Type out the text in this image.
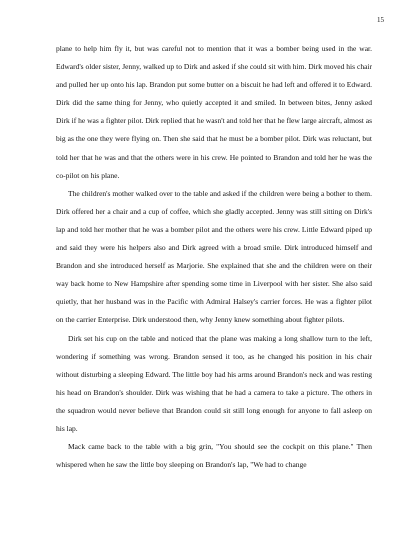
15

plane to help him fly it, but was careful not to mention that it was a bomber being used in the war. Edward's older sister, Jenny, walked up to Dirk and asked if she could sit with him. Dirk moved his chair and pulled her up onto his lap. Brandon put some butter on a biscuit he had left and offered it to Edward. Dirk did the same thing for Jenny, who quietly accepted it and smiled. In between bites, Jenny asked Dirk if he was a fighter pilot. Dirk replied that he wasn't and told her that he flew large aircraft, almost as big as the one they were flying on. Then she said that he must be a bomber pilot. Dirk was reluctant, but told her that he was and that the others were in his crew. He pointed to Brandon and told her he was the co-pilot on his plane.

The children's mother walked over to the table and asked if the children were being a bother to them. Dirk offered her a chair and a cup of coffee, which she gladly accepted. Jenny was still sitting on Dirk's lap and told her mother that he was a bomber pilot and the others were his crew. Little Edward piped up and said they were his helpers also and Dirk agreed with a broad smile. Dirk introduced himself and Brandon and she introduced herself as Marjorie. She explained that she and the children were on their way back home to New Hampshire after spending some time in Liverpool with her sister. She also said quietly, that her husband was in the Pacific with Admiral Halsey's carrier forces. He was a fighter pilot on the carrier Enterprise. Dirk understood then, why Jenny knew something about fighter pilots.

Dirk set his cup on the table and noticed that the plane was making a long shallow turn to the left, wondering if something was wrong. Brandon sensed it too, as he changed his position in his chair without disturbing a sleeping Edward. The little boy had his arms around Brandon's neck and was resting his head on Brandon's shoulder. Dirk was wishing that he had a camera to take a picture. The others in the squadron would never believe that Brandon could sit still long enough for anyone to fall asleep on his lap.

Mack came back to the table with a big grin, "You should see the cockpit on this plane." Then whispered when he saw the little boy sleeping on Brandon's lap, "We had to change
